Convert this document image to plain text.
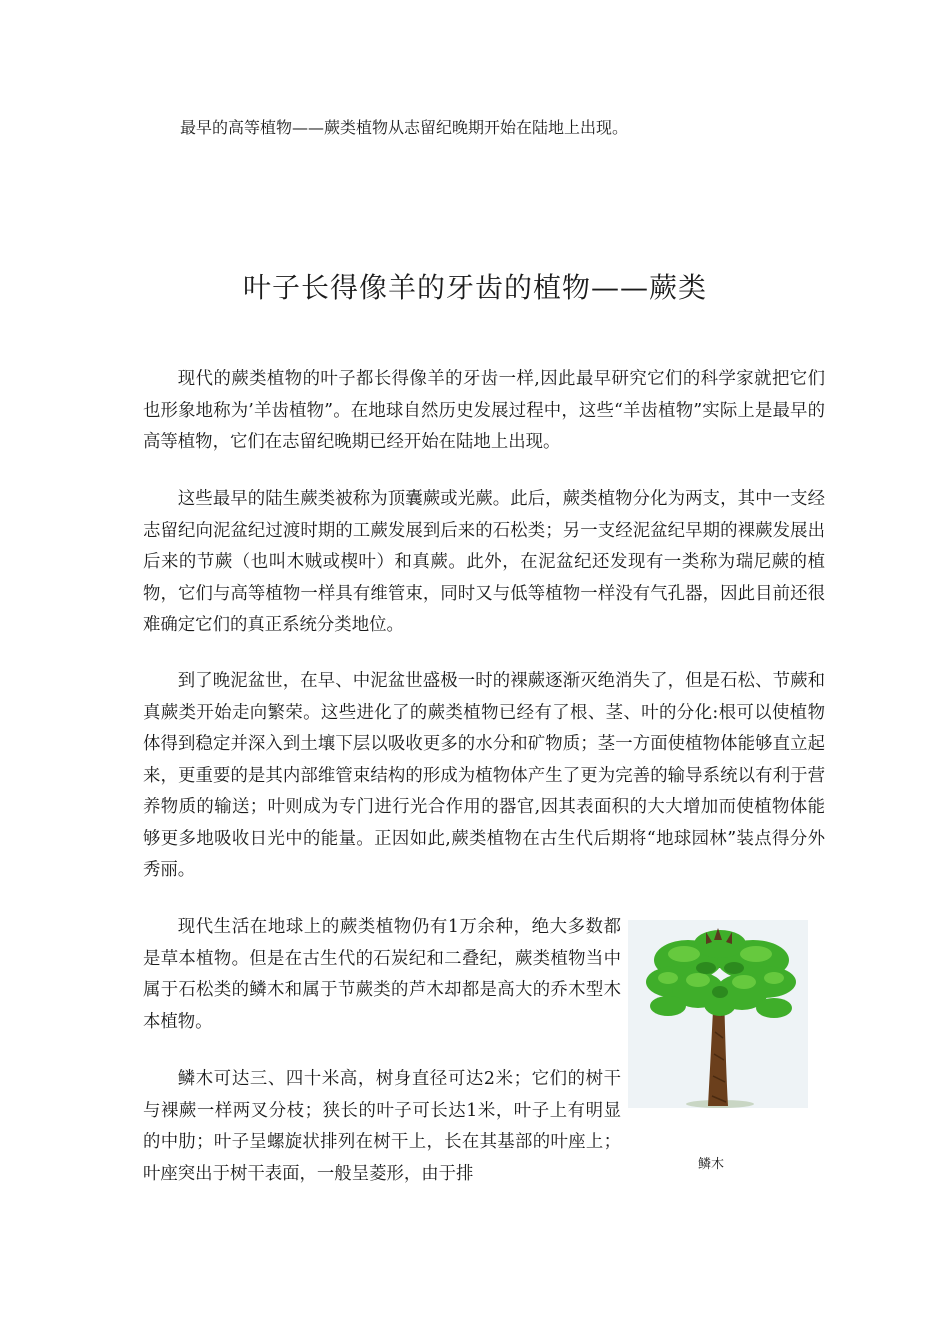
最早的高等植物——蕨类植物从志留纪晚期开始在陆地上出现。
叶子长得像羊的牙齿的植物——蕨类

现代的蕨类植物的叶子都长得像羊的牙齿一样,因此最早研究它们的科学家就把它们也形象地称为’羊齿植物”。在地球自然历史发展过程中，这些“羊齿植物”实际上是最早的高等植物，它们在志留纪晚期已经开始在陆地上出现。

这些最早的陆生蕨类被称为顶囊蕨或光蕨。此后，蕨类植物分化为两支，其中一支经志留纪向泥盆纪过渡时期的工蕨发展到后来的石松类；另一支经泥盆纪早期的裸蕨发展出后来的节蕨（也叫木贼或楔叶）和真蕨。此外，在泥盆纪还发现有一类称为瑞尼蕨的植物，它们与高等植物一样具有维管束，同时又与低等植物一样没有气孔器，因此目前还很难确定它们的真正系统分类地位。

到了晚泥盆世，在早、中泥盆世盛极一时的裸蕨逐渐灭绝消失了，但是石松、节蕨和真蕨类开始走向繁荣。这些进化了的蕨类植物已经有了根、茎、叶的分化:根可以使植物体得到稳定并深入到土壤下层以吸收更多的水分和矿物质；茎一方面使植物体能够直立起来，更重要的是其内部维管束结构的形成为植物体产生了更为完善的输导系统以有利于营养物质的输送；叶则成为专门进行光合作用的器官,因其表面积的大大增加而使植物体能够更多地吸收日光中的能量。正因如此,蕨类植物在古生代后期将“地球园林”装点得分外秀丽。

现代生活在地球上的蕨类植物仍有1万余种，绝大多数都是草本植物。但是在古生代的石炭纪和二叠纪，蕨类植物当中属于石松类的鳞木和属于节蕨类的芦木却都是高大的乔木型木本植物。

鳞木可达三、四十米高，树身直径可达2米；它们的树干与裸蕨一样两叉分枝；狭长的叶子可长达1米，叶子上有明显的中肋；叶子呈螺旋状排列在树干上，长在其基部的叶座上；叶座突出于树干表面，一般呈菱形，由于排	鳞木
